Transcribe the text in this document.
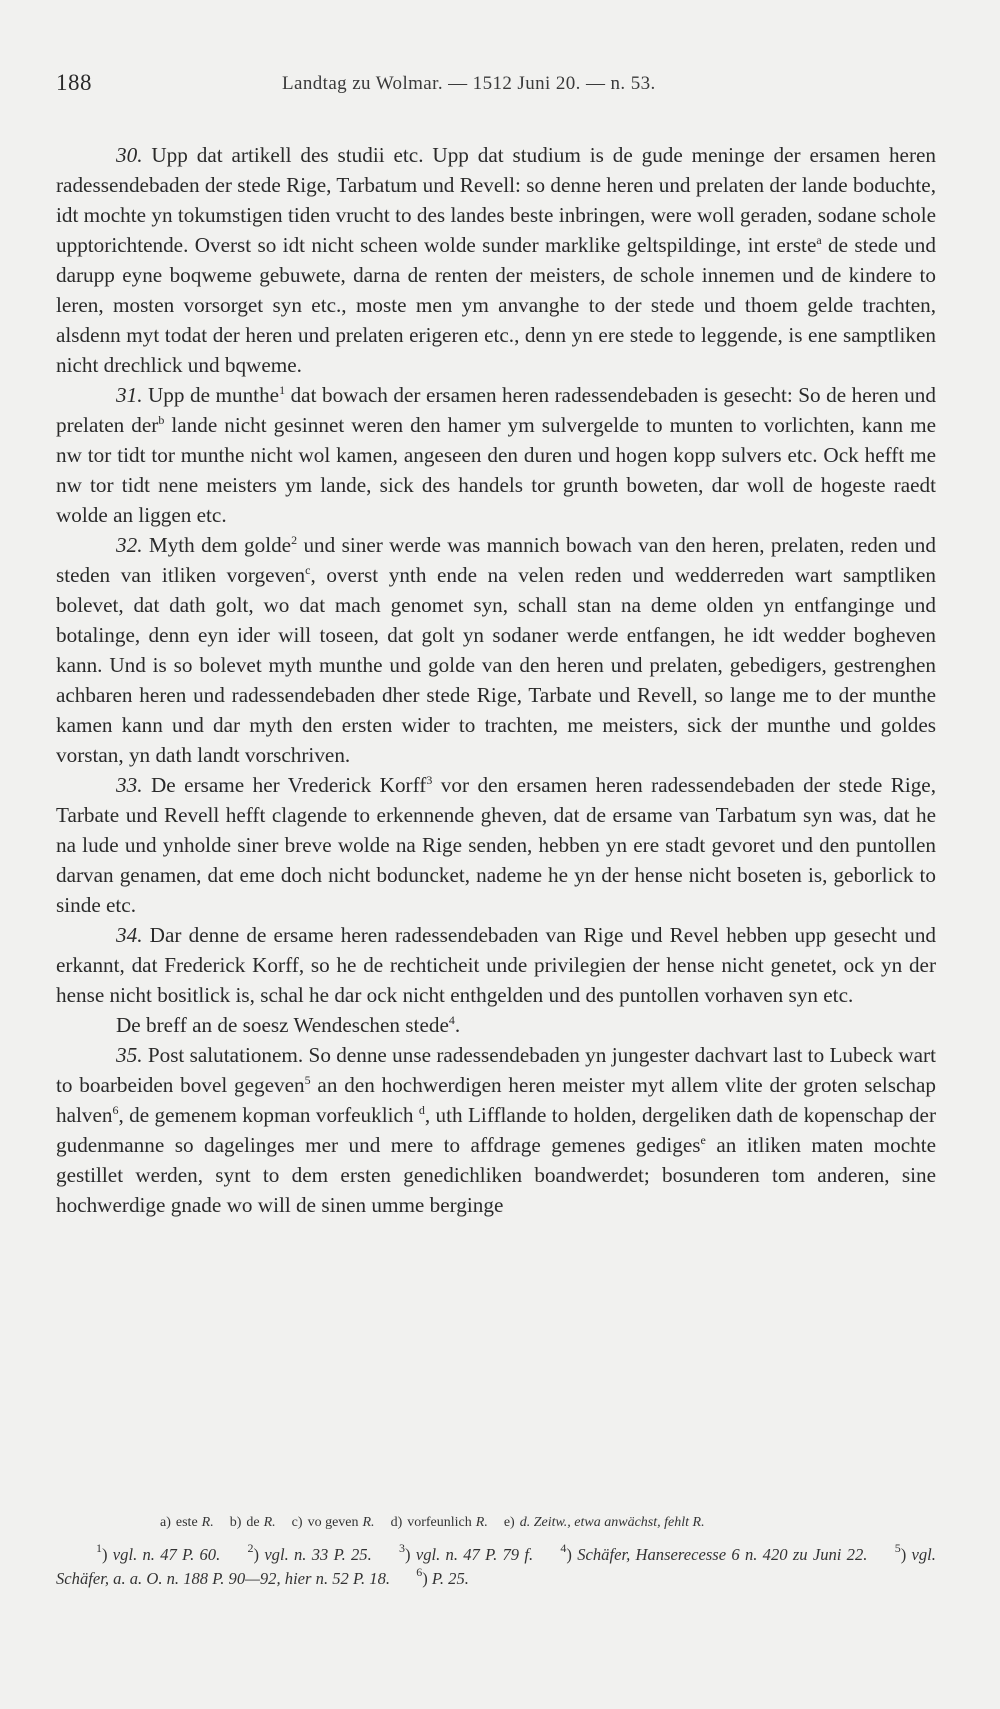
188	Landtag zu Wolmar. — 1512 Juni 20. — n. 53.

30. Upp dat artikell des studii etc. Upp dat studium is de gude meninge der ersamen heren radessendebaden der stede Rige, Tarbatum und Revell: so denne heren und prelaten der lande boduchte, idt mochte yn tokumstigen tiden vrucht to des landes beste inbringen, were woll geraden, sodane schole upptorichtende. Overst so idt nicht scheen wolde sunder marklike geltspildinge, int erste$^a$ de stede und darupp eyne boqweme gebuwete, darna de renten der meisters, de schole innemen und de kindere to leren, mosten vorsorget syn etc., moste men ym anvanghe to der stede und thoem gelde trachten, alsdenn myt todat der heren und prelaten erigeren etc., denn yn ere stede to leggende, is ene samptliken nicht drechlick und bqweme.

31. Upp de munthe$^1$ dat bowach der ersamen heren radessendebaden is gesecht: So de heren und prelaten der$^b$ lande nicht gesinnet weren den hamer ym sulvergelde to munten to vorlichten, kann me nw tor tidt tor munthe nicht wol kamen, angeseen den duren und hogen kopp sulvers etc. Ock hefft me nw tor tidt nene meisters ym lande, sick des handels tor grunth boweten, dar woll de hogeste raedt wolde an liggen etc.

32. Myth dem golde$^2$ und siner werde was mannich bowach van den heren, prelaten, reden und steden van itliken vorgeven$^c$, overst ynth ende na velen reden und wedderreden wart samptliken bolevet, dat dath golt, wo dat mach genomet syn, schall stan na deme olden yn entfanginge und botalinge, denn eyn ider will toseen, dat golt yn sodaner werde entfangen, he idt wedder bogheven kann. Und is so bolevet myth munthe und golde van den heren und prelaten, gebedigers, gestrenghen achbaren heren und radessendebaden dher stede Rige, Tarbate und Revell, so lange me to der munthe kamen kann und dar myth den ersten wider to trachten, me meisters, sick der munthe und goldes vorstan, yn dath landt vorschriven.

33. De ersame her Vrederick Korff$^3$ vor den ersamen heren radessendebaden der stede Rige, Tarbate und Revell hefft clagende to erkennende gheven, dat de ersame van Tarbatum syn was, dat he na lude und ynholde siner breve wolde na Rige senden, hebben yn ere stadt gevoret und den puntollen darvan genamen, dat eme doch nicht boduncket, nademe he yn der hense nicht boseten is, geborlick to sinde etc.

34. Dar denne de ersame heren radessendebaden van Rige und Revel hebben upp gesecht und erkannt, dat Frederick Korff, so he de rechticheit unde privilegien der hense nicht genetet, ock yn der hense nicht bositlick is, schal he dar ock nicht enthgelden und des puntollen vorhaven syn etc.

De breff an de soesz Wendeschen stede$^4$.

35. Post salutationem. So denne unse radessendebaden yn jungester dachvart last to Lubeck wart to boarbeiden bovel gegeven$^5$ an den hochwerdigen heren meister myt allem vlite der groten selschap halven$^6$, de gemenem kopman vorfeuklich $^d$, uth Lifflande to holden, dergeliken dath de kopenschap der gudenmanne so dagelinges mer und mere to affdrage gemenes gediges$^e$ an itliken maten mochte gestillet werden, synt to dem ersten genedichliken boandwerdet; bosunderen tom anderen, sine hochwerdige gnade wo will de sinen umme berginge

a) este R. b) de R. c) vo geven R. d) vorfeunlich R. e) d. Zeitw., etwa anwächst, fehlt R.

$^1$) vgl. n. 47 P. 60. $^2$) vgl. n. 33 P. 25. $^3$) vgl. n. 47 P. 79 f. $^4$) Schäfer, Hanserecesse 6 n. 420 zu Juni 22. $^5$) vgl. Schäfer, a. a. O. n. 188 P. 90—92, hier n. 52 P. 18. $^6$) P. 25.
